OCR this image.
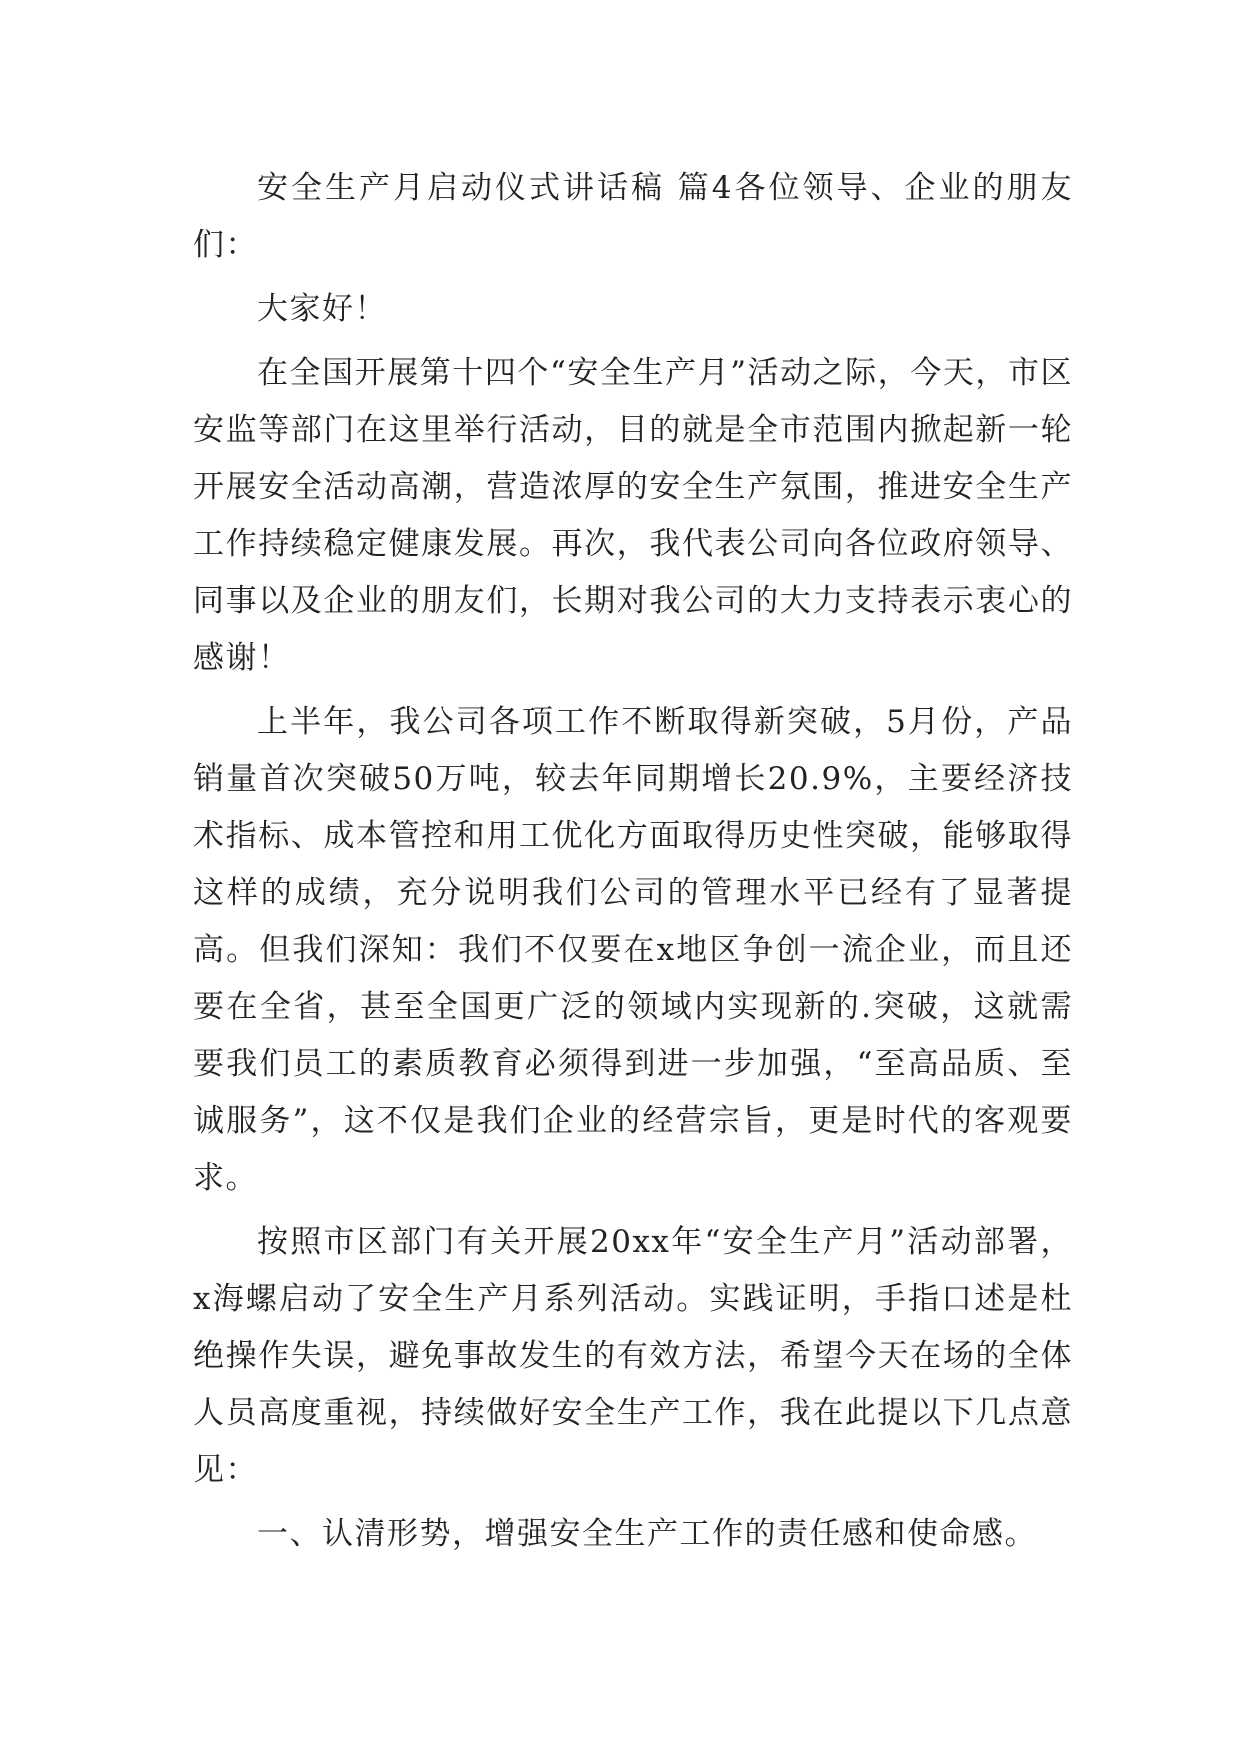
安全生产月启动仪式讲话稿 篇4各位领导、企业的朋友们：

大家好！

在全国开展第十四个“安全生产月”活动之际，今天，市区安监等部门在这里举行活动，目的就是全市范围内掀起新一轮开展安全活动高潮，营造浓厚的安全生产氛围，推进安全生产工作持续稳定健康发展。再次，我代表公司向各位政府领导、同事以及企业的朋友们，长期对我公司的大力支持表示衷心的感谢！

上半年，我公司各项工作不断取得新突破，5月份，产品销量首次突破50万吨，较去年同期增长20.9%，主要经济技术指标、成本管控和用工优化方面取得历史性突破，能够取得这样的成绩，充分说明我们公司的管理水平已经有了显著提高。但我们深知：我们不仅要在x地区争创一流企业，而且还要在全省，甚至全国更广泛的领域内实现新的.突破，这就需要我们员工的素质教育必须得到进一步加强，“至高品质、至诚服务”，这不仅是我们企业的经营宗旨，更是时代的客观要求。

按照市区部门有关开展20xx年“安全生产月”活动部署，x海螺启动了安全生产月系列活动。实践证明，手指口述是杜绝操作失误，避免事故发生的有效方法，希望今天在场的全体人员高度重视，持续做好安全生产工作，我在此提以下几点意见：

一、认清形势，增强安全生产工作的责任感和使命感。
